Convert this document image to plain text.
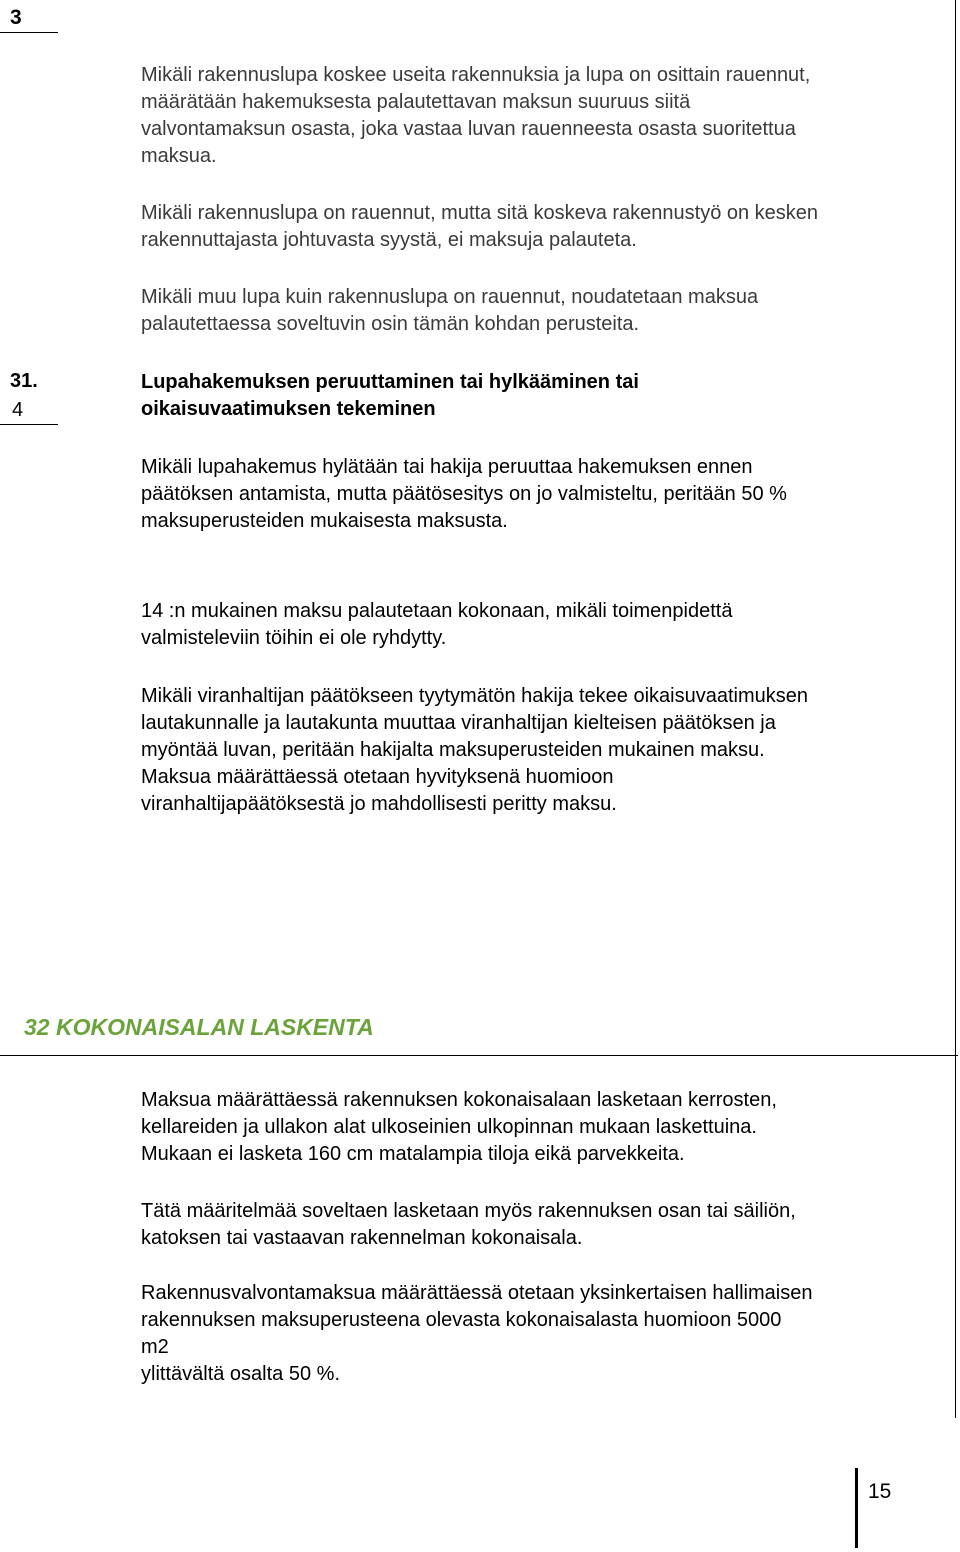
3
Mikäli rakennuslupa koskee useita rakennuksia ja lupa on osittain rauennut,
määrätään hakemuksesta palautettavan maksun suuruus siitä
valvontamaksun osasta, joka vastaa luvan rauenneesta osasta suoritettua
maksua.
Mikäli rakennuslupa on rauennut, mutta sitä koskeva rakennustyö on kesken
rakennuttajasta johtuvasta syystä, ei maksuja palauteta.
Mikäli muu lupa kuin rakennuslupa on rauennut, noudatetaan maksua
palautettaessa soveltuvin osin tämän kohdan perusteita.
31.
4
Lupahakemuksen peruuttaminen tai hylkääminen tai
oikaisuvaatimuksen tekeminen
Mikäli lupahakemus hylätään tai hakija peruuttaa hakemuksen ennen
päätöksen antamista, mutta päätösesitys on jo valmisteltu, peritään 50 %
maksuperusteiden mukaisesta maksusta.
14 :n mukainen maksu palautetaan kokonaan, mikäli toimenpidettä
valmisteleviin töihin ei ole ryhdytty.
Mikäli viranhaltijan päätökseen tyytymätön hakija tekee oikaisuvaatimuksen
lautakunnalle ja lautakunta muuttaa viranhaltijan kielteisen päätöksen ja
myöntää luvan, peritään hakijalta maksuperusteiden mukainen maksu.
Maksua määrättäessä otetaan hyvityksenä huomioon
viranhaltijapäätöksestä jo mahdollisesti peritty maksu.
32 KOKONAISALAN LASKENTA
Maksua määrättäessä rakennuksen kokonaisalaan lasketaan kerrosten,
kellareiden ja ullakon alat ulkoseinien ulkopinnan mukaan laskettuina.
Mukaan ei lasketa 160 cm matalampia tiloja eikä parvekkeita.
Tätä määritelmää soveltaen lasketaan myös rakennuksen osan tai säiliön,
katoksen tai vastaavan rakennelman kokonaisala.
Rakennusvalvontamaksua määrättäessä otetaan yksinkertaisen hallimaisen
rakennuksen maksuperusteena olevasta kokonaisalasta huomioon 5000
m2
ylittävältä osalta 50 %.
15
